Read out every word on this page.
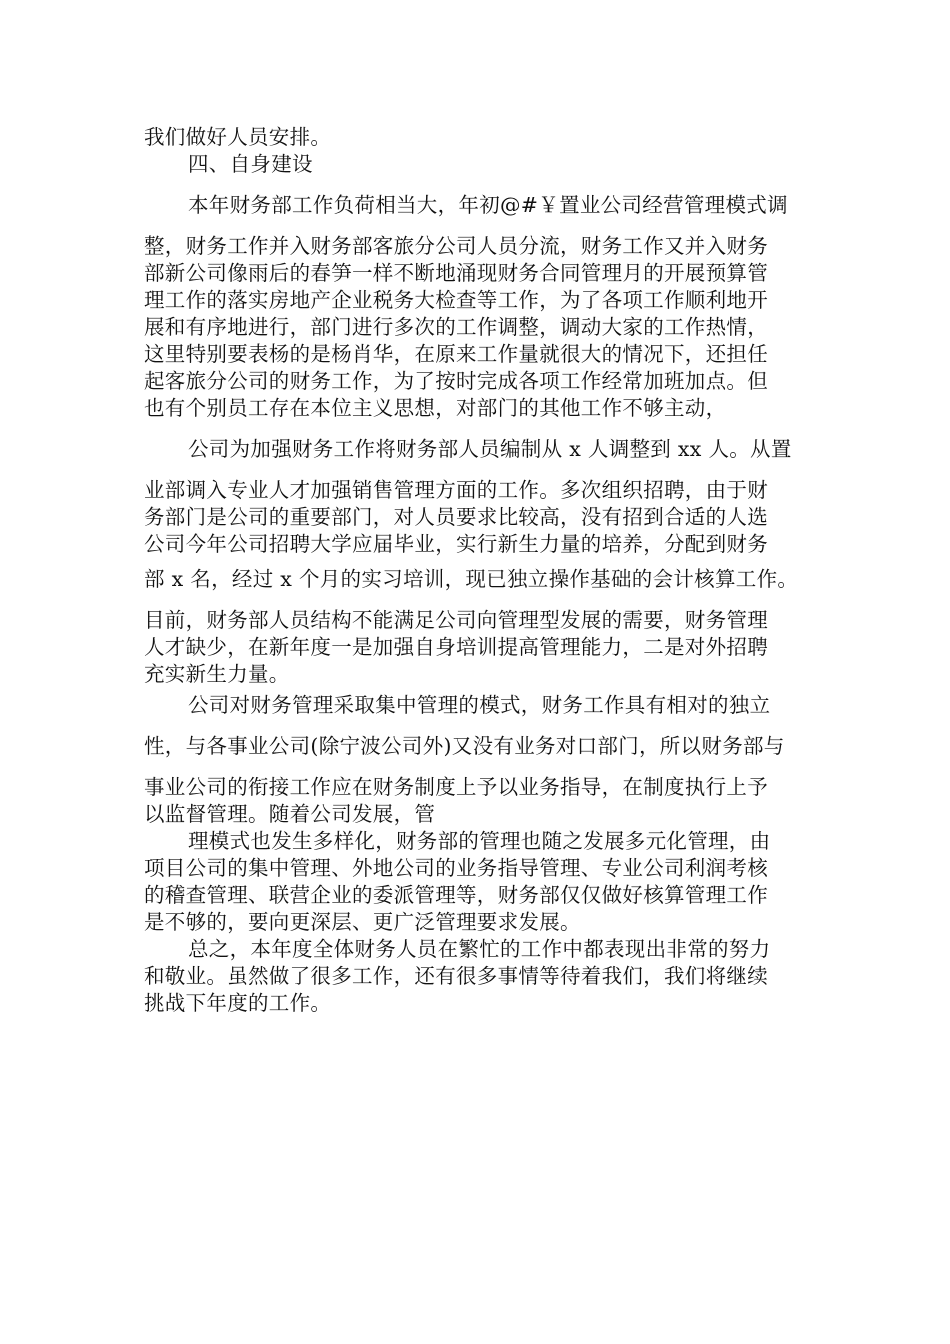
我们做好人员安排。

四、自身建设

本年财务部工作负荷相当大，年初@#￥置业公司经营管理模式调

整，财务工作并入财务部客旅分公司人员分流，财务工作又并入财务

部新公司像雨后的春笋一样不断地涌现财务合同管理月的开展预算管

理工作的落实房地产企业税务大检查等工作，为了各项工作顺利地开

展和有序地进行，部门进行多次的工作调整，调动大家的工作热情，

这里特别要表杨的是杨肖华，在原来工作量就很大的情况下，还担任

起客旅分公司的财务工作，为了按时完成各项工作经常加班加点。但

也有个别员工存在本位主义思想，对部门的其他工作不够主动，

公司为加强财务工作将财务部人员编制从 x 人调整到 xx 人。从置

业部调入专业人才加强销售管理方面的工作。多次组织招聘，由于财

务部门是公司的重要部门，对人员要求比较高，没有招到合适的人选

公司今年公司招聘大学应届毕业，实行新生力量的培养，分配到财务

部 x 名，经过 x 个月的实习培训，现已独立操作基础的会计核算工作。

目前，财务部人员结构不能满足公司向管理型发展的需要，财务管理

人才缺少，在新年度一是加强自身培训提高管理能力，二是对外招聘

充实新生力量。

公司对财务管理采取集中管理的模式，财务工作具有相对的独立

性，与各事业公司(除宁波公司外)又没有业务对口部门，所以财务部与

事业公司的衔接工作应在财务制度上予以业务指导，在制度执行上予

以监督管理。随着公司发展，管

理模式也发生多样化，财务部的管理也随之发展多元化管理，由

项目公司的集中管理、外地公司的业务指导管理、专业公司利润考核

的稽查管理、联营企业的委派管理等，财务部仅仅做好核算管理工作

是不够的，要向更深层、更广泛管理要求发展。

总之，本年度全体财务人员在繁忙的工作中都表现出非常的努力

和敬业。虽然做了很多工作，还有很多事情等待着我们，我们将继续

挑战下年度的工作。
